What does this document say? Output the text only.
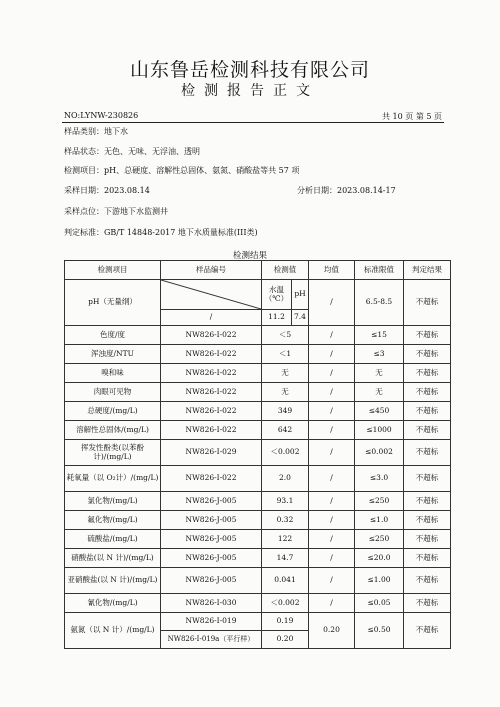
山东鲁岳检测科技有限公司
检测报告正文
NO:LYNW-230826	共 10 页 第 5 页
样品类别：地下水
样品状态：无色、无味、无浮油、透明
检测项目：pH、总硬度、溶解性总固体、氨氮、硝酸盐等共 57 项
采样日期：2023.08.14	分析日期：2023.08.14-17
采样点位：下游地下水监测井
判定标准：GB/T 14848-2017 地下水质量标准(III类)
检测结果
检测项目	样品编号	检测值		均值	标准限值	判定结果
pH（无量纲）		水温（℃）	pH	/	6.5-8.5	不超标
	/	11.2	7.4			
色度/度	NW826-I-022	＜5		/	≤15	不超标
浑浊度/NTU	NW826-I-022	＜1		/	≤3	不超标
嗅和味	NW826-I-022	无		/	无	不超标
肉眼可见物	NW826-I-022	无		/	无	不超标
总硬度/(mg/L)	NW826-I-022	349		/	≤450	不超标
溶解性总固体/(mg/L)	NW826-I-022	642		/	≤1000	不超标
挥发性酚类(以苯酚计)/(mg/L)	NW826-I-029	＜0.002		/	≤0.002	不超标
耗氧量（以 O₂计）/(mg/L)	NW826-I-022	2.0		/	≤3.0	不超标
氯化物/(mg/L)	NW826-J-005	93.1		/	≤250	不超标
氟化物/(mg/L)	NW826-J-005	0.32		/	≤1.0	不超标
硫酸盐/(mg/L)	NW826-J-005	122		/	≤250	不超标
硝酸盐(以 N 计)/(mg/L)	NW826-J-005	14.7		/	≤20.0	不超标
亚硝酸盐(以 N 计)/(mg/L)	NW826-J-005	0.041		/	≤1.00	不超标
氰化物/(mg/L)	NW826-I-030	＜0.002		/	≤0.05	不超标
氨氮（以 N 计）/(mg/L)	NW826-I-019	0.19		0.20	≤0.50	不超标
	NW826-I-019a（平行样）	0.20				
